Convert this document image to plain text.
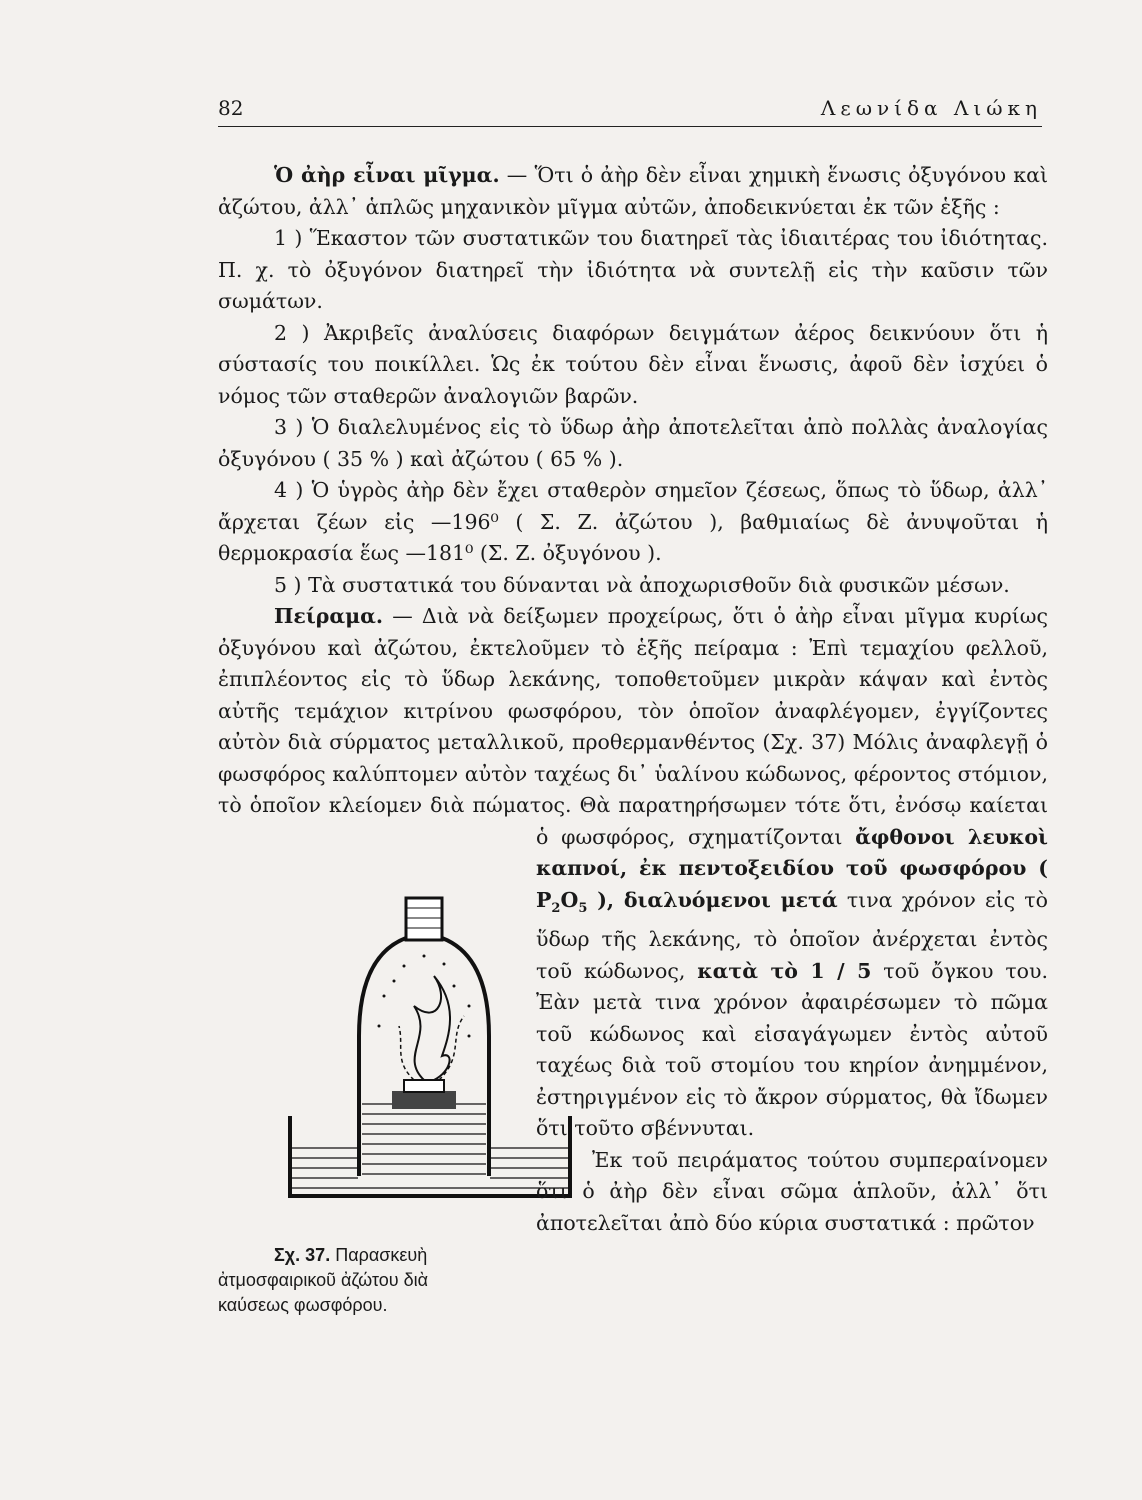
82	Λεωνίδα Λιώκη

Ὁ ἀὴρ εἶναι μῖγμα. — Ὅτι ὁ ἀὴρ δὲν εἶναι χημικὴ ἕνωσις ὀξυγόνου καὶ ἀζώτου, ἀλλ᾽ ἁπλῶς μηχανικὸν μῖγμα αὐτῶν, ἀποδεικνύεται ἐκ τῶν ἑξῆς :

1 ) Ἕκαστον τῶν συστατικῶν του διατηρεῖ τὰς ἰδιαιτέρας του ἰδιότητας. Π. χ. τὸ ὀξυγόνον διατηρεῖ τὴν ἰδιότητα νὰ συντελῇ εἰς τὴν καῦσιν τῶν σωμάτων.

2 ) Ἀκριβεῖς ἀναλύσεις διαφόρων δειγμάτων ἀέρος δεικνύουν ὅτι ἡ σύστασίς του ποικίλλει. Ὡς ἐκ τούτου δὲν εἶναι ἕνωσις, ἀφοῦ δὲν ἰσχύει ὁ νόμος τῶν σταθερῶν ἀναλογιῶν βαρῶν.

3 ) Ὁ διαλελυμένος εἰς τὸ ὕδωρ ἀὴρ ἀποτελεῖται ἀπὸ πολλὰς ἀναλογίας ὀξυγόνου ( 35 % ) καὶ ἀζώτου ( 65 % ).

4 ) Ὁ ὑγρὸς ἀὴρ δὲν ἔχει σταθερὸν σημεῖον ζέσεως, ὅπως τὸ ὕδωρ, ἀλλ᾽ ἄρχεται ζέων εἰς —196⁰ ( Σ. Ζ. ἀζώτου ), βαθμιαίως δὲ ἀνυψοῦται ἡ θερμοκρασία ἕως —181⁰ (Σ. Ζ. ὀξυγόνου ).

5 ) Τὰ συστατικά του δύνανται νὰ ἀποχωρισθοῦν διὰ φυσικῶν μέσων.

Πείραμα. — Διὰ νὰ δείξωμεν προχείρως, ὅτι ὁ ἀὴρ εἶναι μῖγμα κυρίως ὀξυγόνου καὶ ἀζώτου, ἐκτελοῦμεν τὸ ἑξῆς πείραμα : Ἐπὶ τεμαχίου φελλοῦ, ἐπιπλέοντος εἰς τὸ ὕδωρ λεκάνης, τοποθετοῦμεν μικρὰν κάψαν καὶ ἐντὸς αὐτῆς τεμάχιον κιτρίνου φωσφόρου, τὸν ὁποῖον ἀναφλέγομεν, ἐγγίζοντες αὐτὸν διὰ σύρματος μεταλλικοῦ, προθερμανθέντος (Σχ. 37) Μόλις ἀναφλεγῇ ὁ φωσφόρος καλύπτομεν αὐτὸν ταχέως δι᾽ ὑαλίνου κώδωνος, φέροντος στόμιον, τὸ ὁποῖον κλείομεν διὰ πώματος. Θὰ παρατηρήσωμεν τότε ὅτι, ἐνόσῳ καίεται ὁ φωσφόρος, σχηματίζονται
Σχ. 37. Παρασκευὴ ἀτμοσφαιρικοῦ ἀζώτου διὰ καύσεως φωσφόρου.
ἄφθονοι λευκοὶ καπνοί, ἐκ πεντοξειδίου τοῦ φωσφόρου ( $P_2O_5$ ), διαλυόμενοι μετά τινα χρόνον εἰς τὸ ὕδωρ τῆς λεκάνης, τὸ ὁποῖον ἀνέρχεται ἐντὸς τοῦ κώδωνος, κατὰ τὸ 1 / 5 τοῦ ὄγκου του. Ἐὰν μετὰ τινα χρόνον ἀφαιρέσωμεν τὸ πῶμα τοῦ κώδωνος καὶ εἰσαγάγωμεν ἐντὸς αὐτοῦ ταχέως διὰ τοῦ στομίου του κηρίον ἀνημμένον, ἐστηριγμένον εἰς τὸ ἄκρον σύρματος, θὰ ἴδωμεν ὅτι τοῦτο σβέννυται.

Ἐκ τοῦ πειράματος τούτου συμπεραίνομεν ὅτι ὁ ἀὴρ δὲν εἶναι σῶμα ἁπλοῦν, ἀλλ᾽ ὅτι ἀποτελεῖται ἀπὸ δύο κύρια συστατικά : πρῶτον
